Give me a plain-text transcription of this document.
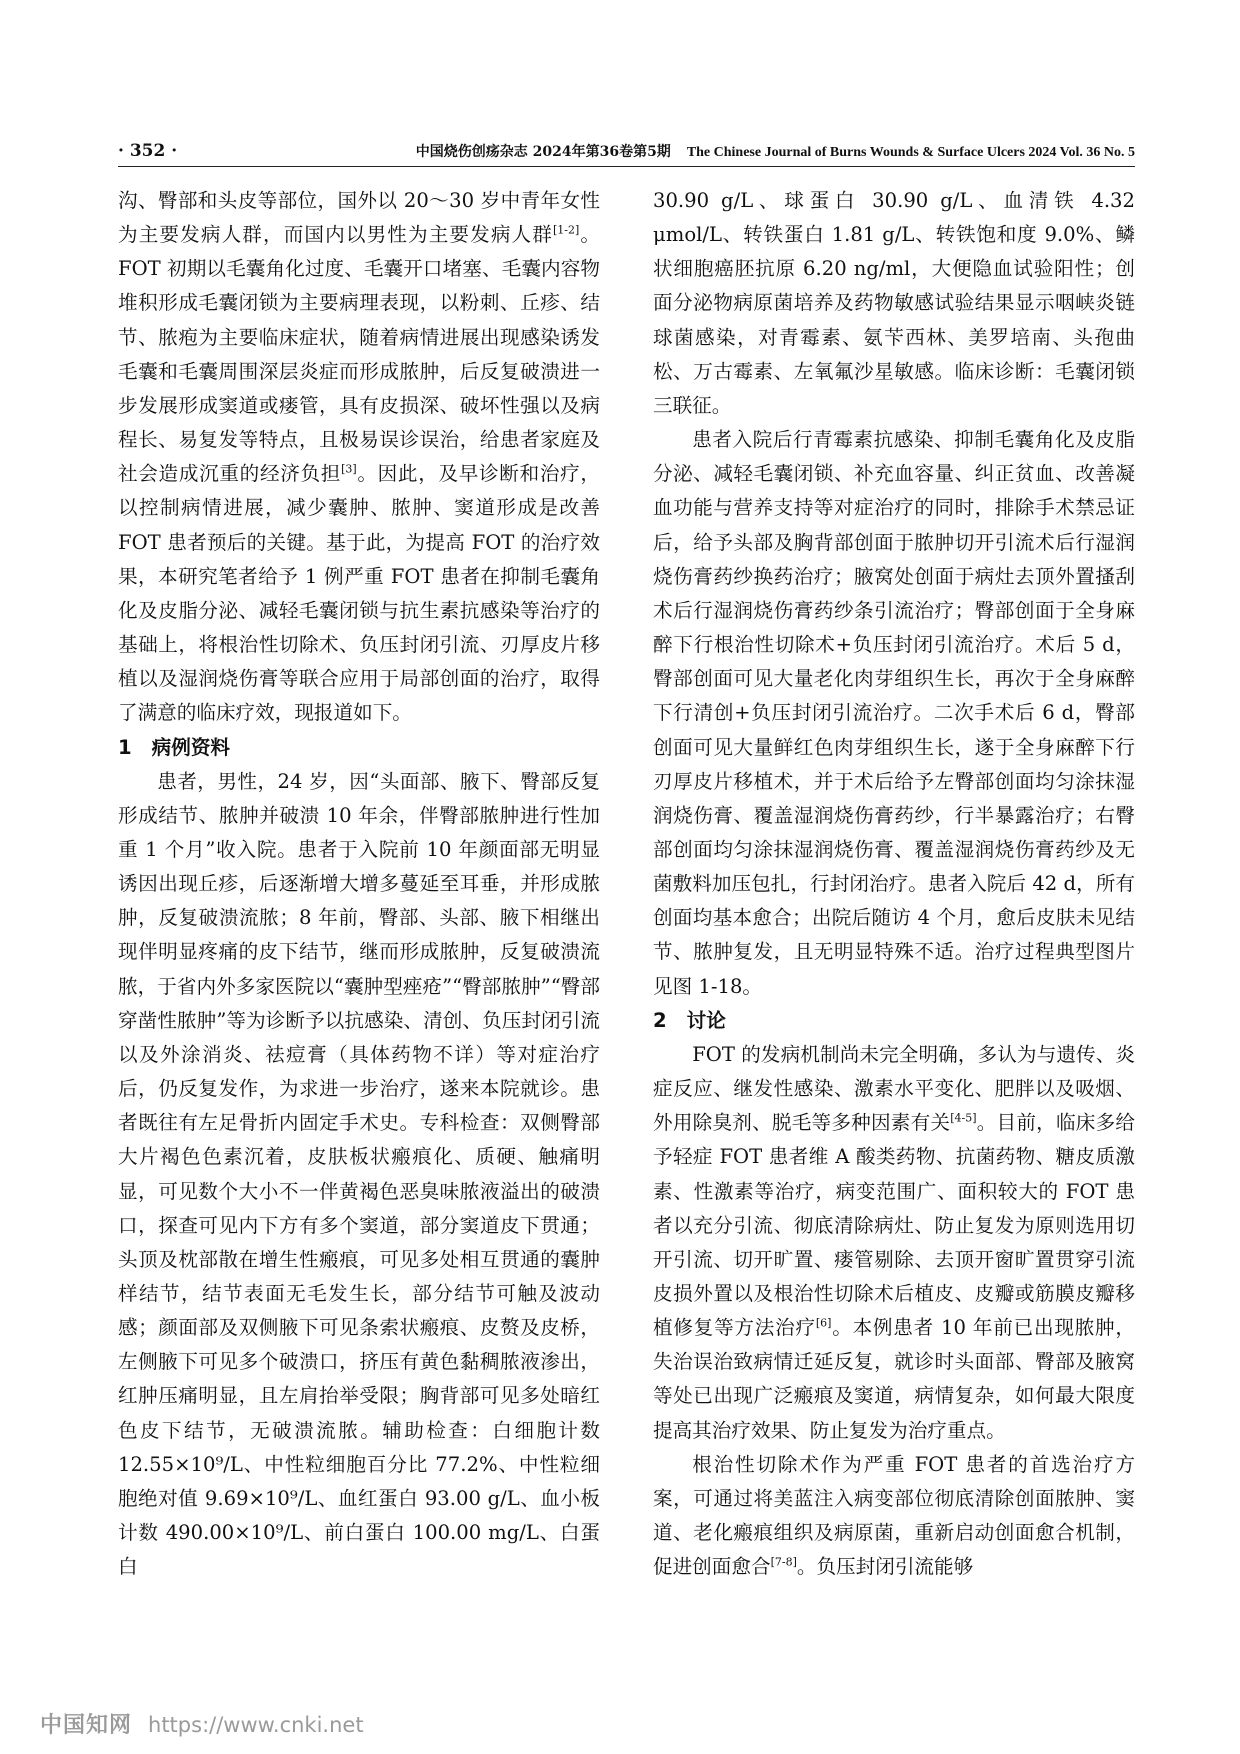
· 352 ·	中国烧伤创疡杂志 2024年第36卷第5期 The Chinese Journal of Burns Wounds & Surface Ulcers 2024 Vol. 36 No. 5

沟、臀部和头皮等部位，国外以 20～30 岁中青年女性为主要发病人群，而国内以男性为主要发病人群[1-2]。FOT 初期以毛囊角化过度、毛囊开口堵塞、毛囊内容物堆积形成毛囊闭锁为主要病理表现，以粉刺、丘疹、结节、脓疱为主要临床症状，随着病情进展出现感染诱发毛囊和毛囊周围深层炎症而形成脓肿，后反复破溃进一步发展形成窦道或瘘管，具有皮损深、破坏性强以及病程长、易复发等特点，且极易误诊误治，给患者家庭及社会造成沉重的经济负担[3]。因此，及早诊断和治疗，以控制病情进展，减少囊肿、脓肿、窦道形成是改善 FOT 患者预后的关键。基于此，为提高 FOT 的治疗效果，本研究笔者给予 1 例严重 FOT 患者在抑制毛囊角化及皮脂分泌、减轻毛囊闭锁与抗生素抗感染等治疗的基础上，将根治性切除术、负压封闭引流、刃厚皮片移植以及湿润烧伤膏等联合应用于局部创面的治疗，取得了满意的临床疗效，现报道如下。

1 病例资料

患者，男性，24 岁，因“头面部、腋下、臀部反复形成结节、脓肿并破溃 10 年余，伴臀部脓肿进行性加重 1 个月”收入院。患者于入院前 10 年颜面部无明显诱因出现丘疹，后逐渐增大增多蔓延至耳垂，并形成脓肿，反复破溃流脓；8 年前，臀部、头部、腋下相继出现伴明显疼痛的皮下结节，继而形成脓肿，反复破溃流脓，于省内外多家医院以“囊肿型痤疮”“臀部脓肿”“臀部穿凿性脓肿”等为诊断予以抗感染、清创、负压封闭引流以及外涂消炎、祛痘膏（具体药物不详）等对症治疗后，仍反复发作，为求进一步治疗，遂来本院就诊。患者既往有左足骨折内固定手术史。专科检查：双侧臀部大片褐色色素沉着，皮肤板状瘢痕化、质硬、触痛明显，可见数个大小不一伴黄褐色恶臭味脓液溢出的破溃口，探查可见内下方有多个窦道，部分窦道皮下贯通；头顶及枕部散在增生性瘢痕，可见多处相互贯通的囊肿样结节，结节表面无毛发生长，部分结节可触及波动感；颜面部及双侧腋下可见条索状瘢痕、皮赘及皮桥，左侧腋下可见多个破溃口，挤压有黄色黏稠脓液渗出，红肿压痛明显，且左肩抬举受限；胸背部可见多处暗红色皮下结节，无破溃流脓。辅助检查：白细胞计数 12.55×10⁹/L、中性粒细胞百分比 77.2%、中性粒细胞绝对值 9.69×10⁹/L、血红蛋白 93.00 g/L、血小板计数 490.00×10⁹/L、前白蛋白 100.00 mg/L、白蛋白

30.90 g/L、球蛋白 30.90 g/L、血清铁 4.32 μmol/L、转铁蛋白 1.81 g/L、转铁饱和度 9.0%、鳞状细胞癌胚抗原 6.20 ng/ml，大便隐血试验阳性；创面分泌物病原菌培养及药物敏感试验结果显示咽峡炎链球菌感染，对青霉素、氨苄西林、美罗培南、头孢曲松、万古霉素、左氧氟沙星敏感。临床诊断：毛囊闭锁三联征。

患者入院后行青霉素抗感染、抑制毛囊角化及皮脂分泌、减轻毛囊闭锁、补充血容量、纠正贫血、改善凝血功能与营养支持等对症治疗的同时，排除手术禁忌证后，给予头部及胸背部创面于脓肿切开引流术后行湿润烧伤膏药纱换药治疗；腋窝处创面于病灶去顶外置搔刮术后行湿润烧伤膏药纱条引流治疗；臀部创面于全身麻醉下行根治性切除术+负压封闭引流治疗。术后 5 d，臀部创面可见大量老化肉芽组织生长，再次于全身麻醉下行清创+负压封闭引流治疗。二次手术后 6 d，臀部创面可见大量鲜红色肉芽组织生长，遂于全身麻醉下行刃厚皮片移植术，并于术后给予左臀部创面均匀涂抹湿润烧伤膏、覆盖湿润烧伤膏药纱，行半暴露治疗；右臀部创面均匀涂抹湿润烧伤膏、覆盖湿润烧伤膏药纱及无菌敷料加压包扎，行封闭治疗。患者入院后 42 d，所有创面均基本愈合；出院后随访 4 个月，愈后皮肤未见结节、脓肿复发，且无明显特殊不适。治疗过程典型图片见图 1-18。

2 讨论

FOT 的发病机制尚未完全明确，多认为与遗传、炎症反应、继发性感染、激素水平变化、肥胖以及吸烟、外用除臭剂、脱毛等多种因素有关[4-5]。目前，临床多给予轻症 FOT 患者维 A 酸类药物、抗菌药物、糖皮质激素、性激素等治疗，病变范围广、面积较大的 FOT 患者以充分引流、彻底清除病灶、防止复发为原则选用切开引流、切开旷置、瘘管剔除、去顶开窗旷置贯穿引流皮损外置以及根治性切除术后植皮、皮瓣或筋膜皮瓣移植修复等方法治疗[6]。本例患者 10 年前已出现脓肿，失治误治致病情迁延反复，就诊时头面部、臀部及腋窝等处已出现广泛瘢痕及窦道，病情复杂，如何最大限度提高其治疗效果、防止复发为治疗重点。

根治性切除术作为严重 FOT 患者的首选治疗方案，可通过将美蓝注入病变部位彻底清除创面脓肿、窦道、老化瘢痕组织及病原菌，重新启动创面愈合机制，促进创面愈合[7-8]。负压封闭引流能够

中国知网 https://www.cnki.net
